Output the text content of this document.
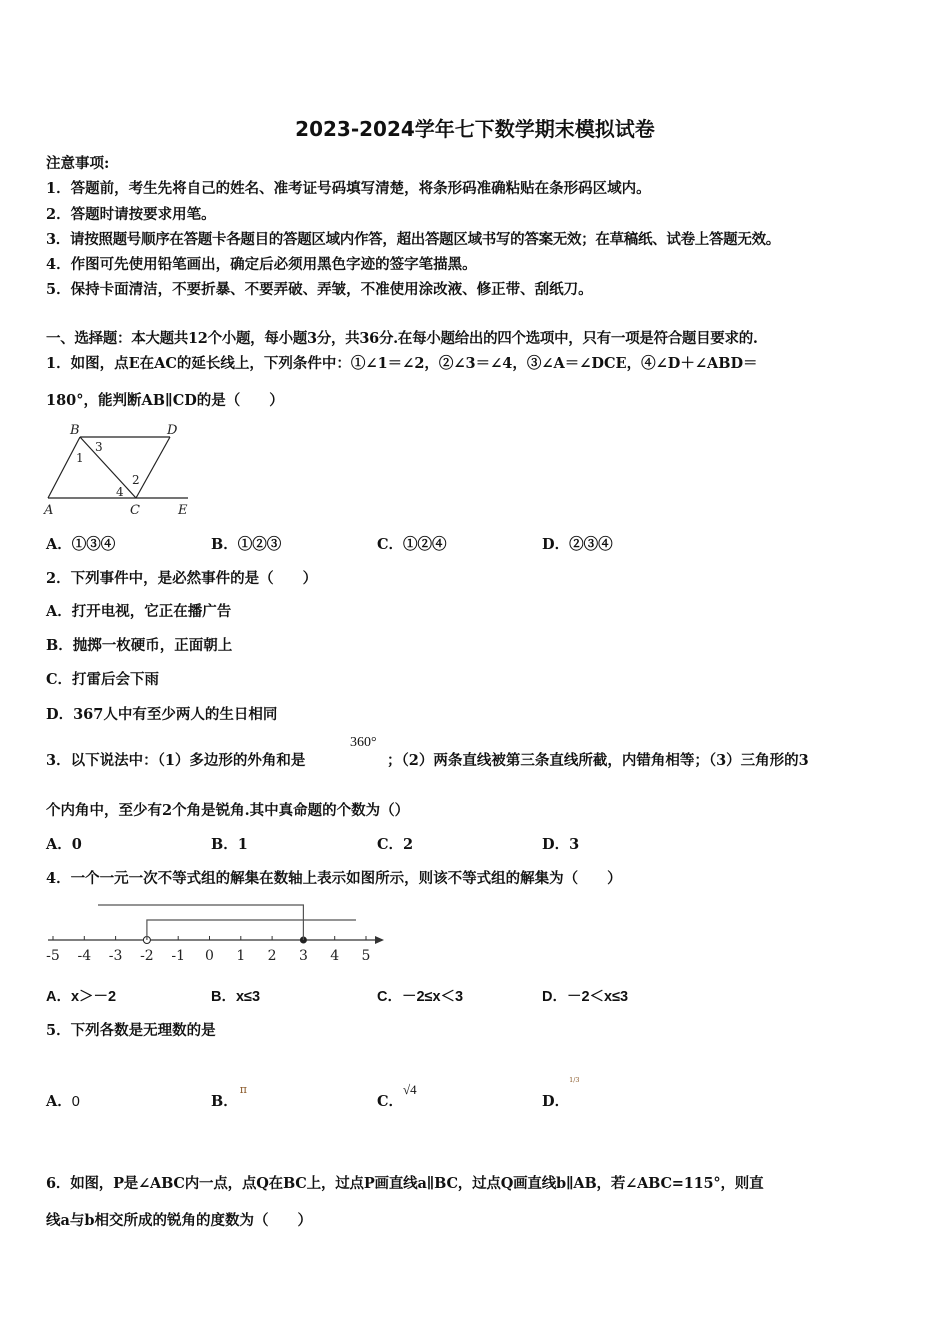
2023-2024学年七下数学期末模拟试卷
注意事项:
1．答题前，考生先将自己的姓名、准考证号码填写清楚，将条形码准确粘贴在条形码区域内。
2．答题时请按要求用笔。
3．请按照题号顺序在答题卡各题目的答题区域内作答，超出答题区域书写的答案无效；在草稿纸、试卷上答题无效。
4．作图可先使用铅笔画出，确定后必须用黑色字迹的签字笔描黑。
5．保持卡面清洁，不要折暴、不要弄破、弄皱，不准使用涂改液、修正带、刮纸刀。
一、选择题：本大题共12个小题，每小题3分，共36分.在每小题给出的四个选项中，只有一项是符合题目要求的.
1．如图，点E在AC的延长线上，下列条件中：①∠1＝∠2，②∠3＝∠4，③∠A＝∠DCE，④∠D＋∠ABD＝
180°，能判断AB∥CD的是（　　）
B	D
A	C	E
1
3
2
4
A．①③④	B．①②③	C．①②④	D．②③④
2．下列事件中，是必然事件的是（　　）
A．打开电视，它正在播广告
B．抛掷一枚硬币，正面朝上
C．打雷后会下雨
D．367人中有至少两人的生日相同
3．以下说法中：（1）多边形的外角和是
360°
；（2）两条直线被第三条直线所截，内错角相等；（3）三角形的3
个内角中，至少有2个角是锐角.其中真命题的个数为（）
A．0	B．1	C．2	D．3
4．一个一元一次不等式组的解集在数轴上表示如图所示，则该不等式组的解集为（　　）
-5 -4 -3 -2 -1 0 1 2 3 4 5
A．x＞－2	B．x≤3	C．－2≤x＜3	D．－2＜x≤3
5．下列各数是无理数的是
A．0	B．$^\pi$
C．√4
D．$^{1/3}$
6．如图，P是∠ABC内一点，点Q在BC上，过点P画直线a∥BC，过点Q画直线b∥AB，若∠ABC=115°，则直
线a与b相交所成的锐角的度数为（　　）
